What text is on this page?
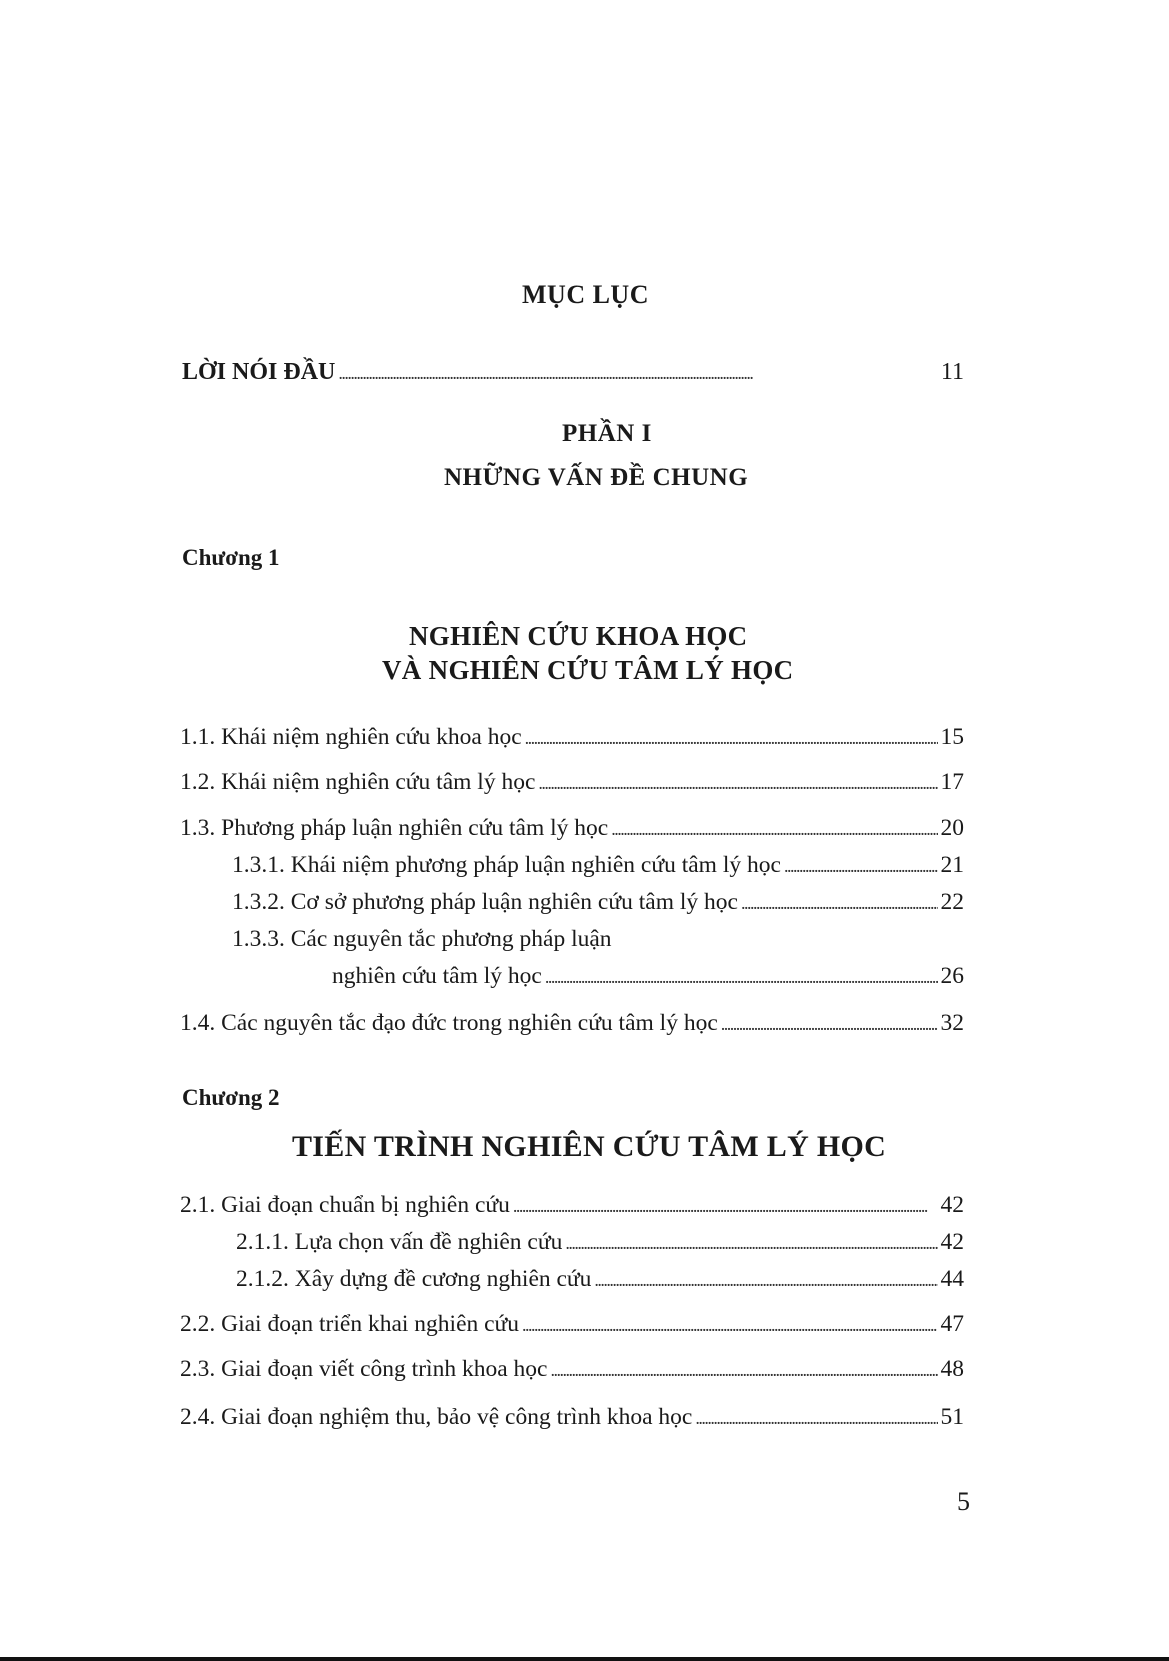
MỤC LỤC
LỜI NÓI ĐẦU . . .	11
PHẦN I
NHỮNG VẤN ĐỀ CHUNG
Chương 1
NGHIÊN CỨU KHOA HỌC
VÀ NGHIÊN CỨU TÂM LÝ HỌC
1.1. Khái niệm nghiên cứu khoa học . . .	15
1.2. Khái niệm nghiên cứu tâm lý học . . .	17
1.3. Phương pháp luận nghiên cứu tâm lý học . . .	20
1.3.1. Khái niệm phương pháp luận nghiên cứu tâm lý học . . .	21
1.3.2. Cơ sở phương pháp luận nghiên cứu tâm lý học . . .	22
1.3.3. Các nguyên tắc phương pháp luận
nghiên cứu tâm lý học . . .	26
1.4. Các nguyên tắc đạo đức trong nghiên cứu tâm lý học . . .	32
Chương 2
TIẾN TRÌNH NGHIÊN CỨU TÂM LÝ HỌC
2.1. Giai đoạn chuẩn bị nghiên cứu . . .	42
2.1.1. Lựa chọn vấn đề nghiên cứu . . .	42
2.1.2. Xây dựng đề cương nghiên cứu . . .	44
2.2. Giai đoạn triển khai nghiên cứu . . .	47
2.3. Giai đoạn viết công trình khoa học . . .	48
2.4. Giai đoạn nghiệm thu, bảo vệ công trình khoa học . . .	51
5
